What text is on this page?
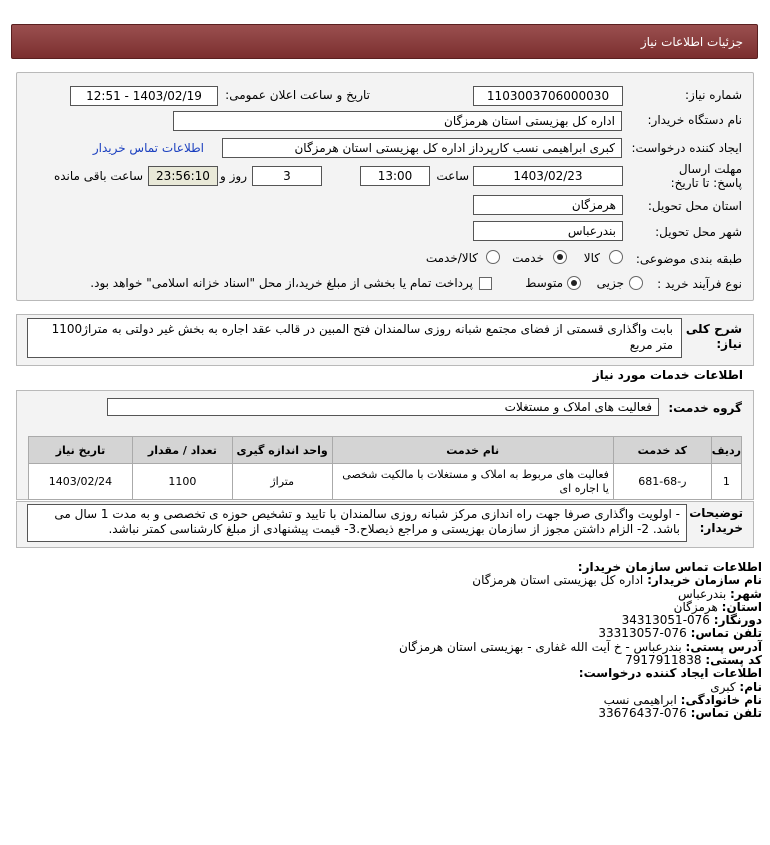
جزئیات اطلاعات نیاز
شماره نیاز:
1103003706000030
تاریخ و ساعت اعلان عمومی:
1403/02/19 - 12:51
نام دستگاه خریدار:
اداره کل بهزیستی استان هرمزگان
ایجاد کننده درخواست:
کبری ابراهیمی نسب کارپرداز اداره کل بهزیستی استان هرمزگان
اطلاعات تماس خریدار
مهلت ارسال پاسخ: تا تاریخ:
1403/02/23
ساعت
13:00
3
روز و
23:56:10
ساعت باقی مانده
استان محل تحویل:
هرمزگان
شهر محل تحویل:
بندرعباس
طبقه بندی موضوعی:
کالا
خدمت
کالا/خدمت
نوع فرآیند خرید :
جزیی
متوسط
پرداخت تمام یا بخشی از مبلغ خرید،از محل "اسناد خزانه اسلامی" خواهد بود.
شرح کلی نیاز:
بابت واگذاری قسمتی از فضای مجتمع شبانه روزی سالمندان فتح المبین در قالب عقد اجاره به بخش غیر دولتی به متراژ1100 متر مربع
اطلاعات خدمات مورد نیاز
گروه خدمت:
فعالیت های املاک و مستغلات
ردیف	کد خدمت	نام خدمت	واحد اندازه گیری	تعداد / مقدار	تاریخ نیاز
1	ر-68-681	فعالیت های مربوط به املاک و مستغلات با مالکیت شخصی یا اجاره ای	متراژ	1100	1403/02/24
توضیحات خریدار:
- اولویت واگذاری صرفا جهت راه اندازی مرکز شبانه روزی سالمندان با تایید و تشخیص حوزه ی تخصصی و به مدت 1 سال می باشد. 2- الزام داشتن مجوز از سازمان بهزیستی و مراجع ذیصلاح.3- قیمت پیشنهادی از مبلغ کارشناسی کمتر نباشد.
اطلاعات تماس سازمان خریدار:
نام سازمان خریدار: اداره کل بهزیستی استان هرمزگان
شهر: بندرعباس
استان: هرمزگان
دورنگار: 076-34313051
تلفن تماس: 076-33313057
آدرس پستی: بندرعباس - خ آیت الله غفاری - بهزیستی استان هرمزگان
کد پستی: 7917911838
اطلاعات ایجاد کننده درخواست:
نام: کبری
نام خانوادگی: ابراهیمی نسب
تلفن تماس: 076-33676437
